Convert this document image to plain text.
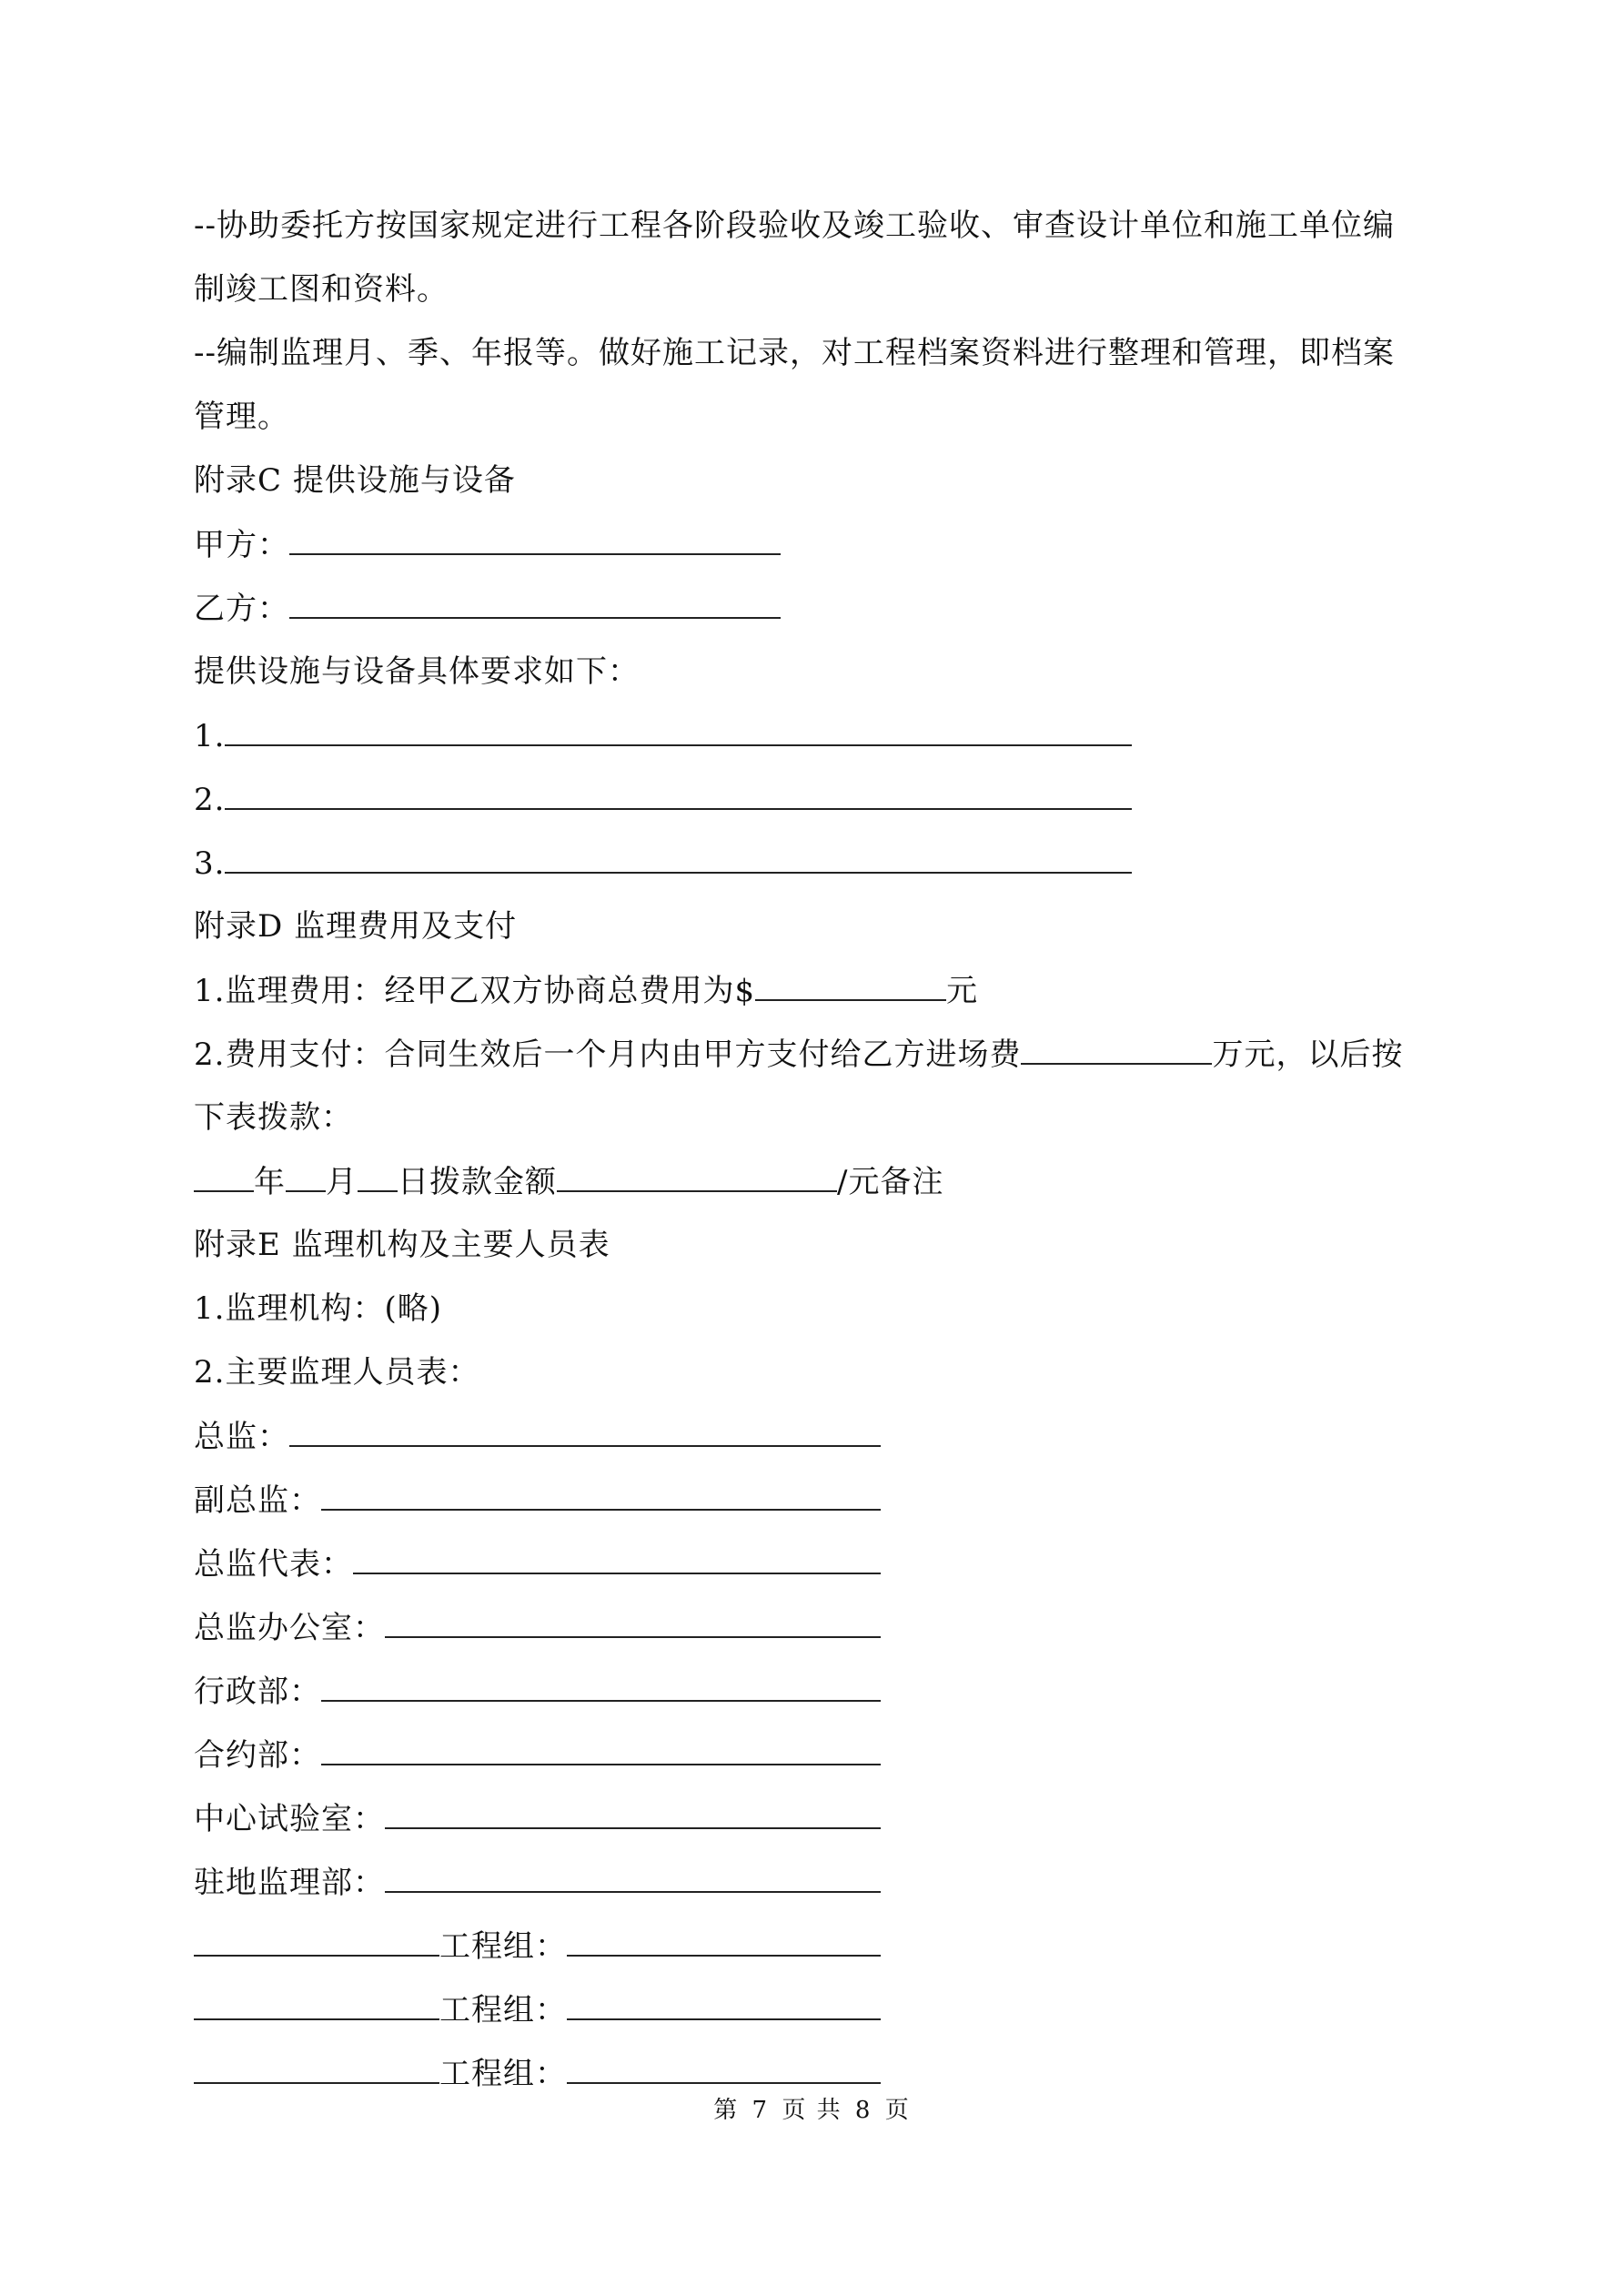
--协助委托方按国家规定进行工程各阶段验收及竣工验收、审查设计单位和施工单位编
制竣工图和资料。
--编制监理月、季、年报等。做好施工记录，对工程档案资料进行整理和管理，即档案
管理。
附录C 提供设施与设备
甲方：
乙方：
提供设施与设备具体要求如下：
1.
2.
3.
附录D 监理费用及支付
1.监理费用：经甲乙双方协商总费用为$	元
2.费用支付：合同生效后一个月内由甲方支付给乙方进场费	万元，以后按
下表拨款：
年 月 日拨款金额	/元备注
附录E 监理机构及主要人员表
1.监理机构：(略)
2.主要监理人员表：
总监：
副总监：
总监代表：
总监办公室：
行政部：
合约部：
中心试验室：
驻地监理部：
工程组：
工程组：
工程组：
第 7 页 共 8 页
